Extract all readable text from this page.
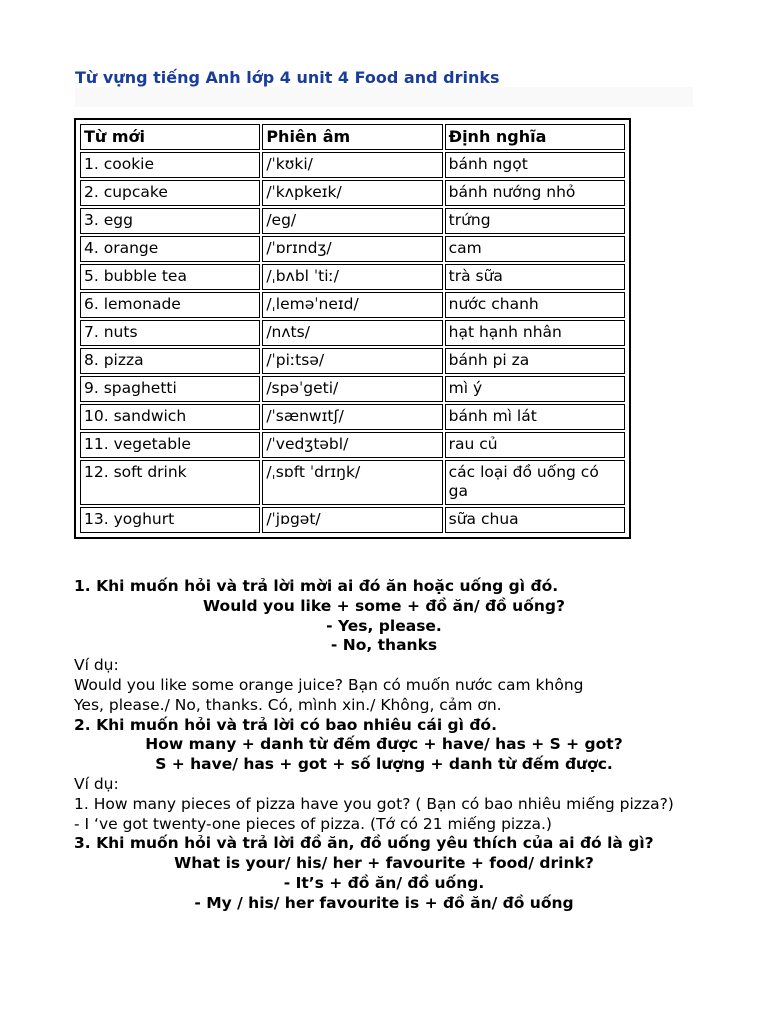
Từ vựng tiếng Anh lớp 4 unit 4 Food and drinks
Từ mới	Phiên âm	Định nghĩa
1. cookie	/ˈkʊki/	bánh ngọt
2. cupcake	/ˈkʌpkeɪk/	bánh nướng nhỏ
3. egg	/eg/	trứng
4. orange	/ˈɒrɪndʒ/	cam
5. bubble tea	/ˌbʌbl ˈtiː/	trà sữa
6. lemonade	/ˌleməˈneɪd/	nước chanh
7. nuts	/nʌts/	hạt hạnh nhân
8. pizza	/ˈpiːtsə/	bánh pi za
9. spaghetti	/spəˈgeti/	mì ý
10. sandwich	/ˈsænwɪtʃ/	bánh mì lát
11. vegetable	/ˈvedʒtəbl/	rau củ
12. soft drink	/ˌsɒft ˈdrɪŋk/	các loại đồ uống có ga
13. yoghurt	/ˈjɒgət/	sữa chua

1. Khi muốn hỏi và trả lời mời ai đó ăn hoặc uống gì đó.

Would you like + some + đồ ăn/ đồ uống?

- Yes, please.

- No, thanks

Ví dụ:

Would you like some orange juice? Bạn có muốn nước cam không

Yes, please./ No, thanks. Có, mình xin./ Không, cảm ơn.

2. Khi muốn hỏi và trả lời có bao nhiêu cái gì đó.

How many + danh từ đếm được + have/ has + S + got?

S + have/ has + got + số lượng + danh từ đếm được.

Ví dụ:

1. How many pieces of pizza have you got? ( Bạn có bao nhiêu miếng pizza?)

- I ‘ve got twenty-one pieces of pizza. (Tớ có 21 miếng pizza.)

3. Khi muốn hỏi và trả lời đồ ăn, đồ uống yêu thích của ai đó là gì?

What is your/ his/ her + favourite + food/ drink?

- It’s + đồ ăn/ đồ uống.

- My / his/ her favourite is + đồ ăn/ đồ uống
